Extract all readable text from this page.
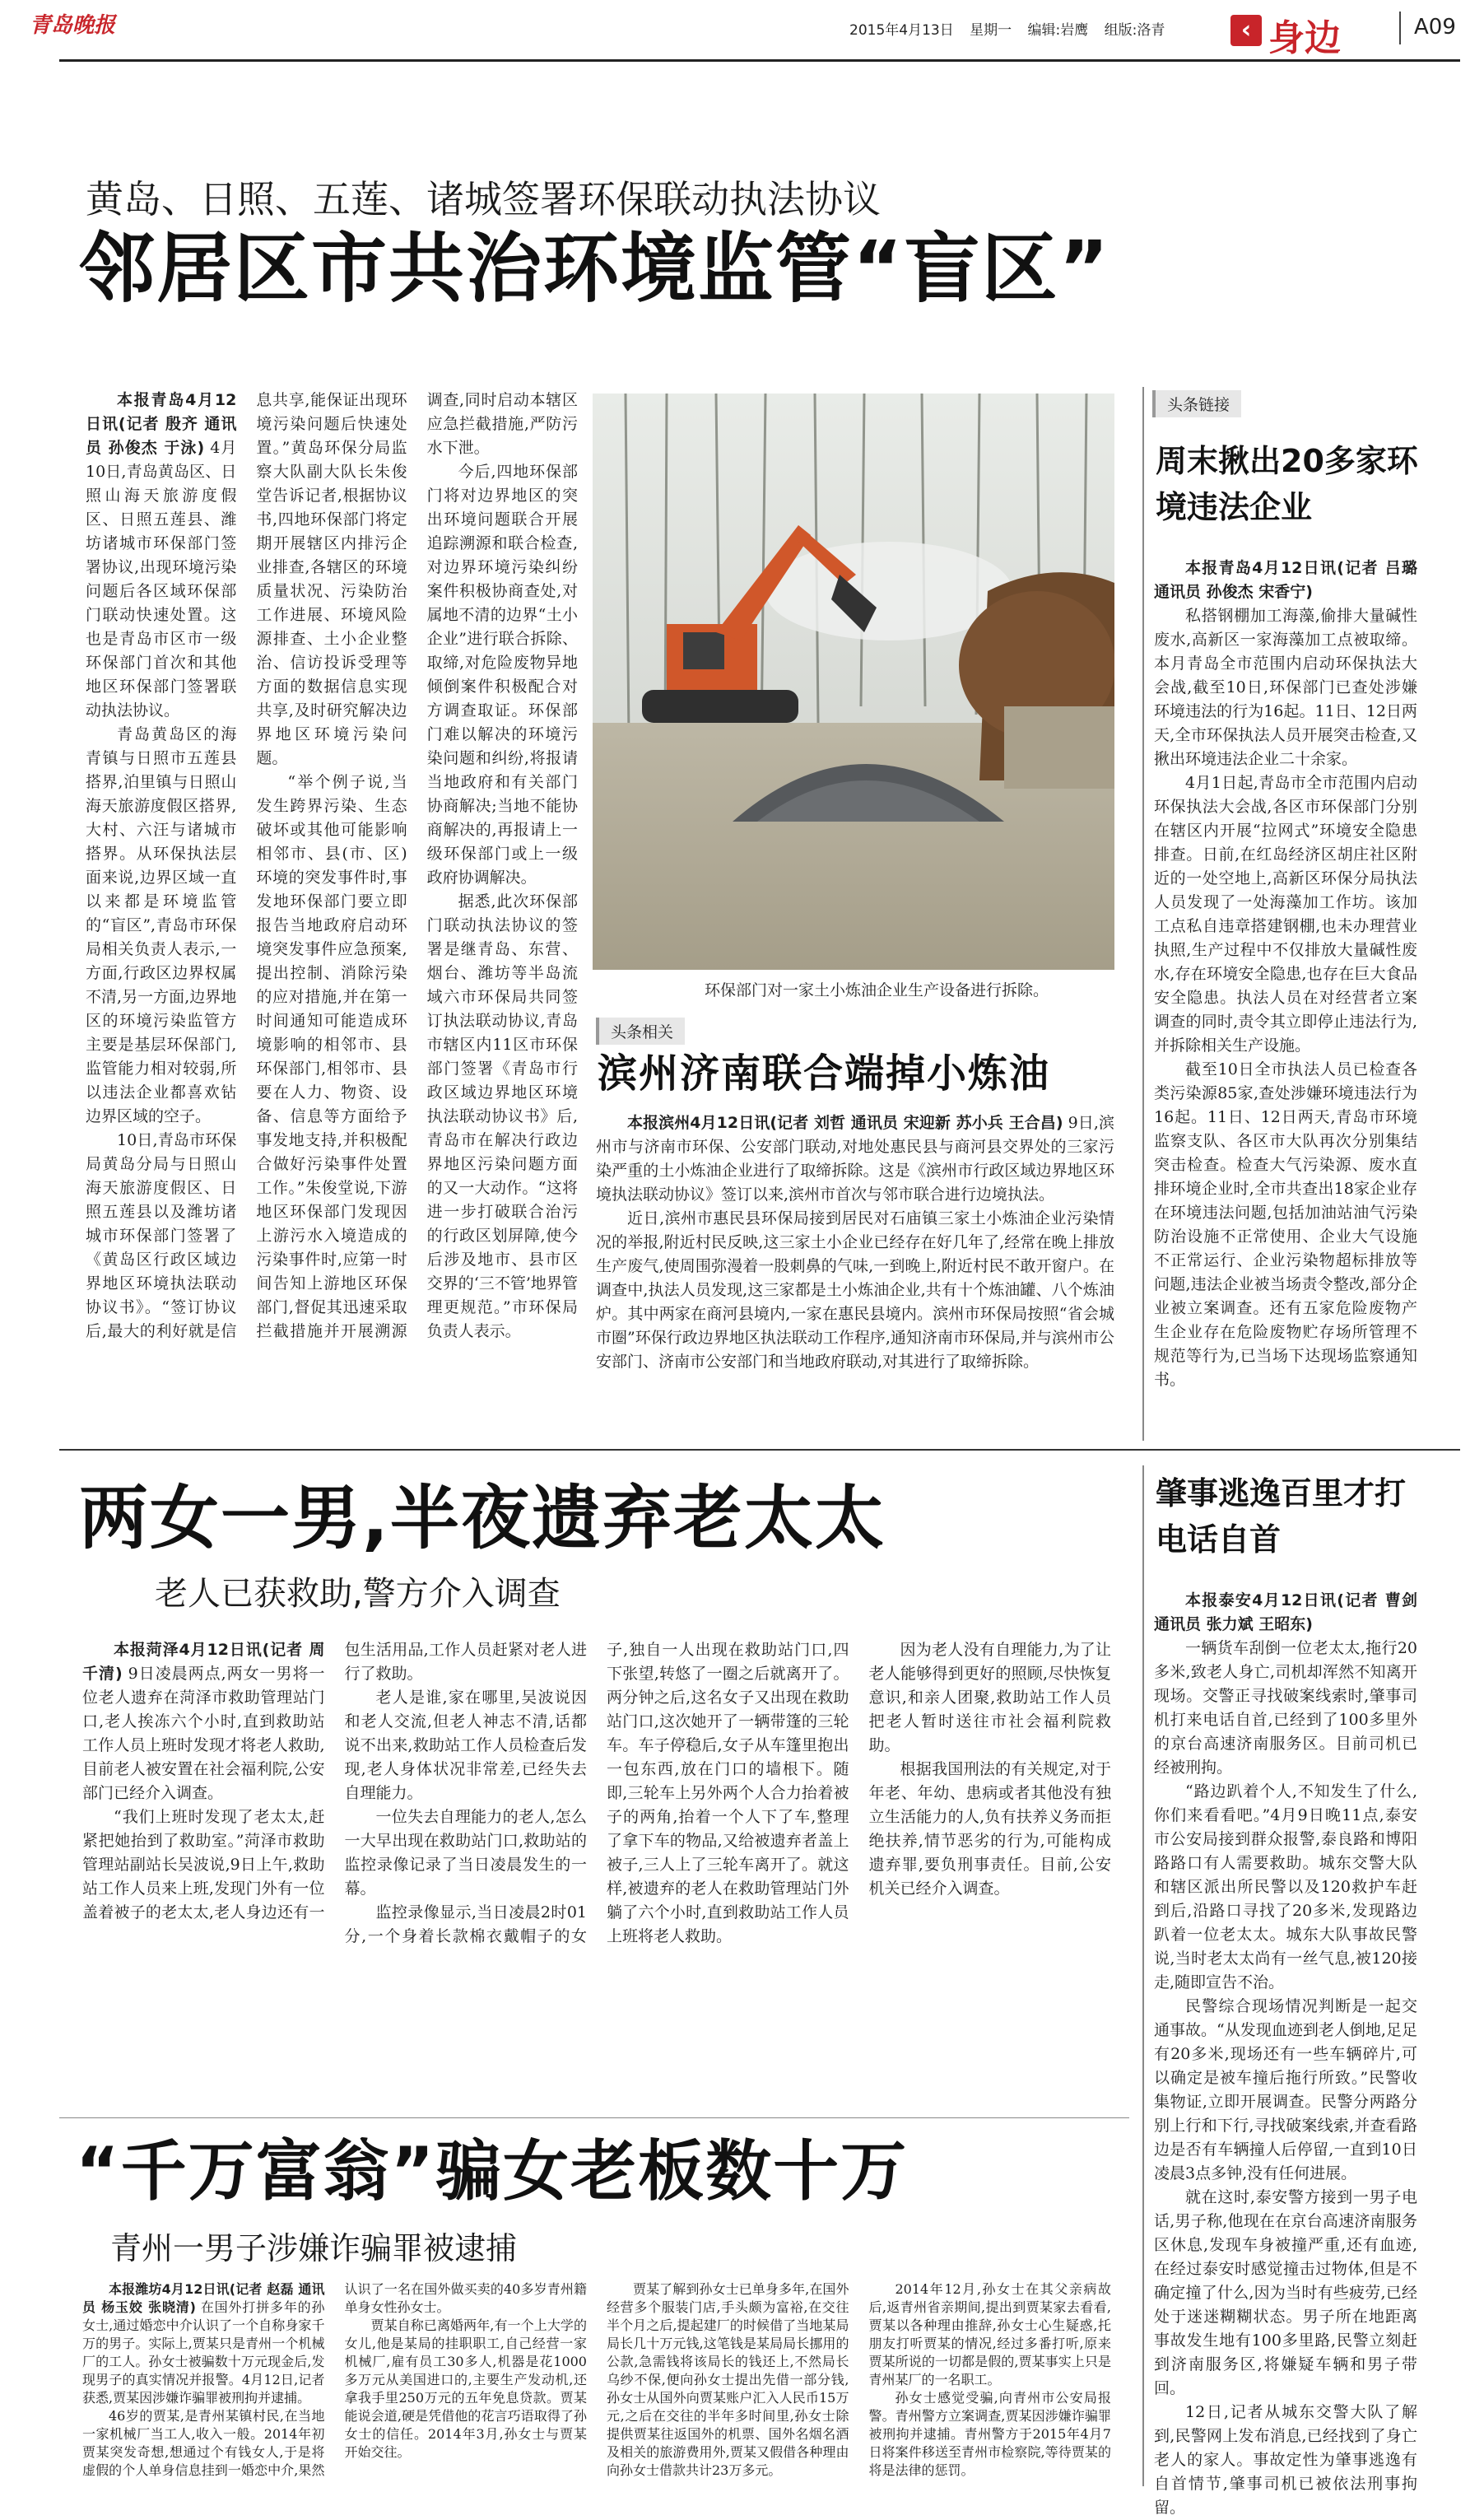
青岛晚报	2015年4月13日 星期一 编辑:岩鹰 组版:洛青	‹ 身边	A09
黄岛、日照、五莲、诸城签署环保联动执法协议
邻居区市共治环境监管“盲区”

本报青岛4月12日讯(记者 殷齐 通讯员 孙俊杰 于泳) 4月10日,青岛黄岛区、日照山海天旅游度假区、日照五莲县、潍坊诸城市环保部门签署协议,出现环境污染问题后各区域环保部门联动快速处置。这也是青岛市区市一级环保部门首次和其他地区环保部门签署联动执法协议。

青岛黄岛区的海青镇与日照市五莲县搭界,泊里镇与日照山海天旅游度假区搭界,大村、六汪与诸城市搭界。从环保执法层面来说,边界区域一直以来都是环境监管的“盲区”,青岛市环保局相关负责人表示,一方面,行政区边界权属不清,另一方面,边界地区的环境污染监管方主要是基层环保部门,监管能力相对较弱,所以违法企业都喜欢钻边界区域的空子。

10日,青岛市环保局黄岛分局与日照山海天旅游度假区、日照五莲县以及潍坊诸城市环保部门签署了《黄岛区行政区域边界地区环境执法联动协议书》。“签订协议后,最大的利好就是信息共享,能保证出现环境污染问题后快速处置。”黄岛环保分局监察大队副大队长朱俊堂告诉记者,根据协议书,四地环保部门将定期开展辖区内排污企业排查,各辖区的环境质量状况、污染防治工作进展、环境风险源排查、土小企业整治、信访投诉受理等方面的数据信息实现共享,及时研究解决边界地区环境污染问题。

“举个例子说,当发生跨界污染、生态破坏或其他可能影响相邻市、县(市、区)环境的突发事件时,事发地环保部门要立即报告当地政府启动环境突发事件应急预案,提出控制、消除污染的应对措施,并在第一时间通知可能造成环境影响的相邻市、县环保部门,相邻市、县要在人力、物资、设备、信息等方面给予事发地支持,并积极配合做好污染事件处置工作。”朱俊堂说,下游地区环保部门发现因上游污水入境造成的污染事件时,应第一时间告知上游地区环保部门,督促其迅速采取拦截措施并开展溯源调查,同时启动本辖区应急拦截措施,严防污水下泄。

今后,四地环保部门将对边界地区的突出环境问题联合开展追踪溯源和联合检查,对边界环境污染纠纷案件积极协商查处,对属地不清的边界“土小企业”进行联合拆除、取缔,对危险废物异地倾倒案件积极配合对方调查取证。环保部门难以解决的环境污染问题和纠纷,将报请当地政府和有关部门协商解决;当地不能协商解决的,再报请上一级环保部门或上一级政府协调解决。

据悉,此次环保部门联动执法协议的签署是继青岛、东营、烟台、潍坊等半岛流域六市环保局共同签订执法联动协议,青岛市辖区内11区市环保部门签署《青岛市行政区域边界地区环境执法联动协议书》后,青岛市在解决行政边界地区污染问题方面的又一大动作。“这将进一步打破联合治污的行政区划屏障,使今后涉及地市、县市区交界的‘三不管’地界管理更规范。”市环保局负责人表示。

环保部门对一家土小炼油企业生产设备进行拆除。
头条相关
滨州济南联合端掉小炼油

本报滨州4月12日讯(记者 刘哲 通讯员 宋迎新 苏小兵 王合昌) 9日,滨州市与济南市环保、公安部门联动,对地处惠民县与商河县交界处的三家污染严重的土小炼油企业进行了取缔拆除。这是《滨州市行政区域边界地区环境执法联动协议》签订以来,滨州市首次与邻市联合进行边境执法。

近日,滨州市惠民县环保局接到居民对石庙镇三家土小炼油企业污染情况的举报,附近村民反映,这三家土小企业已经存在好几年了,经常在晚上排放生产废气,使周围弥漫着一股刺鼻的气味,一到晚上,附近村民不敢开窗户。在调查中,执法人员发现,这三家都是土小炼油企业,共有十个炼油罐、八个炼油炉。其中两家在商河县境内,一家在惠民县境内。滨州市环保局按照“省会城市圈”环保行政边界地区执法联动工作程序,通知济南市环保局,并与滨州市公安部门、济南市公安部门和当地政府联动,对其进行了取缔拆除。

头条链接
周末揪出20多家环境违法企业

本报青岛4月12日讯(记者 吕璐 通讯员 孙俊杰 宋香宁)

私搭钢棚加工海藻,偷排大量碱性废水,高新区一家海藻加工点被取缔。本月青岛全市范围内启动环保执法大会战,截至10日,环保部门已查处涉嫌环境违法的行为16起。11日、12日两天,全市环保执法人员开展突击检查,又揪出环境违法企业二十余家。

4月1日起,青岛市全市范围内启动环保执法大会战,各区市环保部门分别在辖区内开展“拉网式”环境安全隐患排查。日前,在红岛经济区胡庄社区附近的一处空地上,高新区环保分局执法人员发现了一处海藻加工作坊。该加工点私自违章搭建钢棚,也未办理营业执照,生产过程中不仅排放大量碱性废水,存在环境安全隐患,也存在巨大食品安全隐患。执法人员在对经营者立案调查的同时,责令其立即停止违法行为,并拆除相关生产设施。

截至10日全市执法人员已检查各类污染源85家,查处涉嫌环境违法行为16起。11日、12日两天,青岛市环境监察支队、各区市大队再次分别集结突击检查。检查大气污染源、废水直排环境企业时,全市共查出18家企业存在环境违法问题,包括加油站油气污染防治设施不正常使用、企业大气设施不正常运行、企业污染物超标排放等问题,违法企业被当场责令整改,部分企业被立案调查。还有五家危险废物产生企业存在危险废物贮存场所管理不规范等行为,已当场下达现场监察通知书。

两女一男,半夜遗弃老太太
老人已获救助,警方介入调查

本报菏泽4月12日讯(记者 周千清) 9日凌晨两点,两女一男将一位老人遗弃在菏泽市救助管理站门口,老人挨冻六个小时,直到救助站工作人员上班时发现才将老人救助,目前老人被安置在社会福利院,公安部门已经介入调查。

“我们上班时发现了老太太,赶紧把她抬到了救助室。”菏泽市救助管理站副站长吴波说,9日上午,救助站工作人员来上班,发现门外有一位盖着被子的老太太,老人身边还有一包生活用品,工作人员赶紧对老人进行了救助。

老人是谁,家在哪里,吴波说因和老人交流,但老人神志不清,话都说不出来,救助站工作人员检查后发现,老人身体状况非常差,已经失去自理能力。

一位失去自理能力的老人,怎么一大早出现在救助站门口,救助站的监控录像记录了当日凌晨发生的一幕。

监控录像显示,当日凌晨2时01分,一个身着长款棉衣戴帽子的女子,独自一人出现在救助站门口,四下张望,转悠了一圈之后就离开了。两分钟之后,这名女子又出现在救助站门口,这次她开了一辆带篷的三轮车。车子停稳后,女子从车篷里抱出一包东西,放在门口的墙根下。随即,三轮车上另外两个人合力抬着被子的两角,抬着一个人下了车,整理了拿下车的物品,又给被遗弃者盖上被子,三人上了三轮车离开了。就这样,被遗弃的老人在救助管理站门外躺了六个小时,直到救助站工作人员上班将老人救助。

因为老人没有自理能力,为了让老人能够得到更好的照顾,尽快恢复意识,和亲人团聚,救助站工作人员把老人暂时送往市社会福利院救助。

根据我国刑法的有关规定,对于年老、年幼、患病或者其他没有独立生活能力的人,负有扶养义务而拒绝扶养,情节恶劣的行为,可能构成遗弃罪,要负刑事责任。目前,公安机关已经介入调查。

肇事逃逸百里才打电话自首

本报泰安4月12日讯(记者 曹剑 通讯员 张力斌 王昭东)

一辆货车刮倒一位老太太,拖行20多米,致老人身亡,司机却浑然不知离开现场。交警正寻找破案线索时,肇事司机打来电话自首,已经到了100多里外的京台高速济南服务区。目前司机已经被刑拘。

“路边趴着个人,不知发生了什么,你们来看看吧。”4月9日晚11点,泰安市公安局接到群众报警,泰良路和博阳路路口有人需要救助。城东交警大队和辖区派出所民警以及120救护车赶到后,沿路口寻找了20多米,发现路边趴着一位老太太。城东大队事故民警说,当时老太太尚有一丝气息,被120接走,随即宣告不治。

民警综合现场情况判断是一起交通事故。“从发现血迹到老人倒地,足足有20多米,现场还有一些车辆碎片,可以确定是被车撞后拖行所致。”民警收集物证,立即开展调查。民警分两路分别上行和下行,寻找破案线索,并查看路边是否有车辆撞人后停留,一直到10日凌晨3点多钟,没有任何进展。

就在这时,泰安警方接到一男子电话,男子称,他现在在京台高速济南服务区休息,发现车身被撞严重,还有血迹,在经过泰安时感觉撞击过物体,但是不确定撞了什么,因为当时有些疲劳,已经处于迷迷糊糊状态。男子所在地距离事故发生地有100多里路,民警立刻赶到济南服务区,将嫌疑车辆和男子带回。

12日,记者从城东交警大队了解到,民警网上发布消息,已经找到了身亡老人的家人。事故定性为肇事逃逸有自首情节,肇事司机已被依法刑事拘留。

“千万富翁”骗女老板数十万
青州一男子涉嫌诈骗罪被逮捕

本报潍坊4月12日讯(记者 赵磊 通讯员 杨玉姣 张晓清) 在国外打拼多年的孙女士,通过婚恋中介认识了一个自称身家千万的男子。实际上,贾某只是青州一个机械厂的工人。孙女士被骗数十万元现金后,发现男子的真实情况并报警。4月12日,记者获悉,贾某因涉嫌诈骗罪被刑拘并逮捕。

46岁的贾某,是青州某镇村民,在当地一家机械厂当工人,收入一般。2014年初贾某突发奇想,想通过个有钱女人,于是将虚假的个人单身信息挂到一婚恋中介,果然认识了一名在国外做买卖的40多岁青州籍单身女性孙女士。

贾某自称已离婚两年,有一个上大学的女儿,他是某局的挂职职工,自己经营一家机械厂,雇有员工30多人,机器是花1000多万元从美国进口的,主要生产发动机,还拿我手里250万元的五年免息贷款。贾某能说会道,硬是凭借他的花言巧语取得了孙女士的信任。2014年3月,孙女士与贾某开始交往。

贾某了解到孙女士已单身多年,在国外经营多个服装门店,手头颇为富裕,在交往半个月之后,提起建厂的时候借了当地某局局长几十万元钱,这笔钱是某局局长挪用的公款,急需钱将该局长的钱还上,不然局长乌纱不保,便向孙女士提出先借一部分钱,孙女士从国外向贾某账户汇入人民币15万元,之后在交往的半年多时间里,孙女士除提供贾某往返国外的机票、国外名烟名酒及相关的旅游费用外,贾某又假借各种理由向孙女士借款共计23万多元。

2014年12月,孙女士在其父亲病故后,返青州省亲期间,提出到贾某家去看看,贾某以各种理由推辞,孙女士心生疑惑,托朋友打听贾某的情况,经过多番打听,原来贾某所说的一切都是假的,贾某事实上只是青州某厂的一名职工。

孙女士感觉受骗,向青州市公安局报警。青州警方立案调查,贾某因涉嫌诈骗罪被刑拘并逮捕。青州警方于2015年4月7日将案件移送至青州市检察院,等待贾某的将是法律的惩罚。
